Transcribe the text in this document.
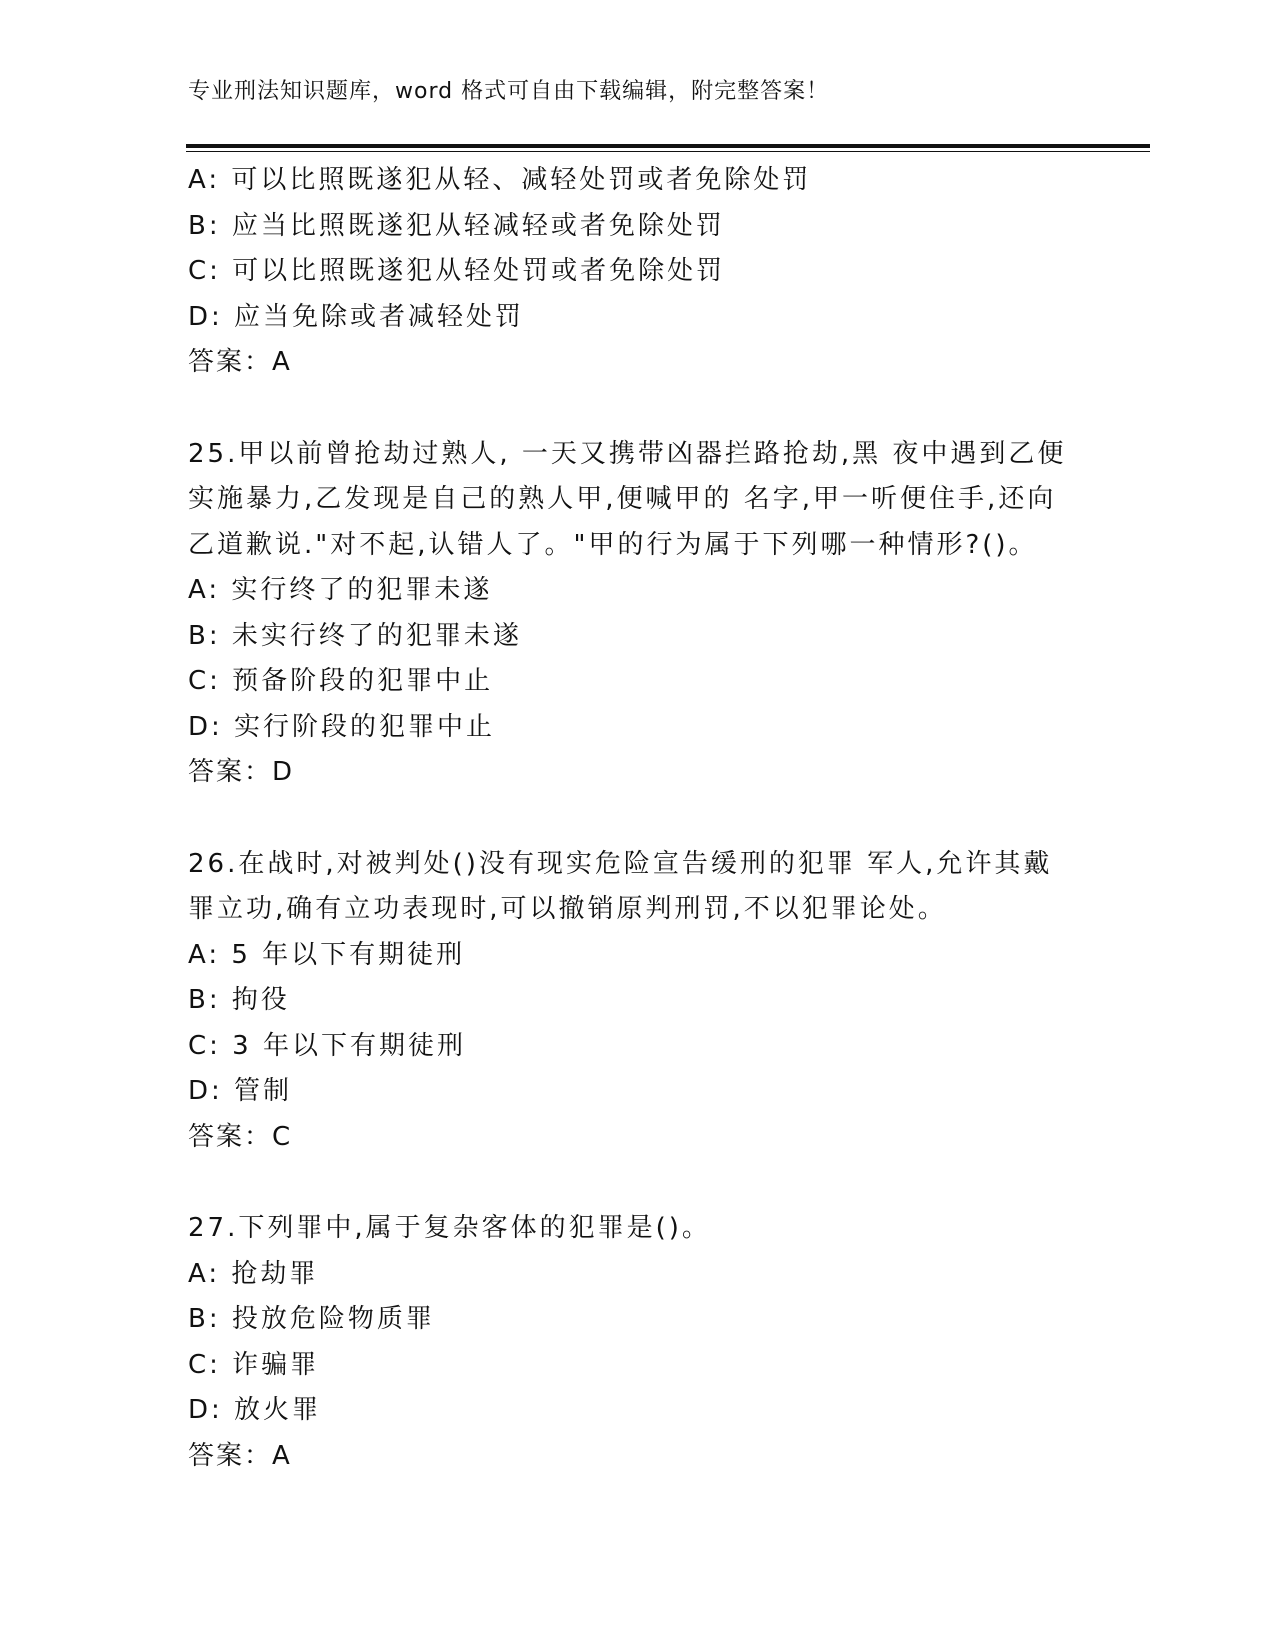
专业刑法知识题库，word 格式可自由下载编辑，附完整答案！
A: 可以比照既遂犯从轻、减轻处罚或者免除处罚
B: 应当比照既遂犯从轻减轻或者免除处罚
C: 可以比照既遂犯从轻处罚或者免除处罚
D: 应当免除或者减轻处罚
答案：A
25.甲以前曾抢劫过熟人, 一天又携带凶器拦路抢劫,黑 夜中遇到乙便
实施暴力,乙发现是自己的熟人甲,便喊甲的 名字,甲一听便住手,还向
乙道歉说."对不起,认错人了。"甲的行为属于下列哪一种情形?()。
A: 实行终了的犯罪未遂
B: 未实行终了的犯罪未遂
C: 预备阶段的犯罪中止
D: 实行阶段的犯罪中止
答案：D
26.在战时,对被判处()没有现实危险宣告缓刑的犯罪 军人,允许其戴
罪立功,确有立功表现时,可以撤销原判刑罚,不以犯罪论处。
A: 5 年以下有期徒刑
B: 拘役
C: 3 年以下有期徒刑
D: 管制
答案：C
27.下列罪中,属于复杂客体的犯罪是()。
A: 抢劫罪
B: 投放危险物质罪
C: 诈骗罪
D: 放火罪
答案：A
